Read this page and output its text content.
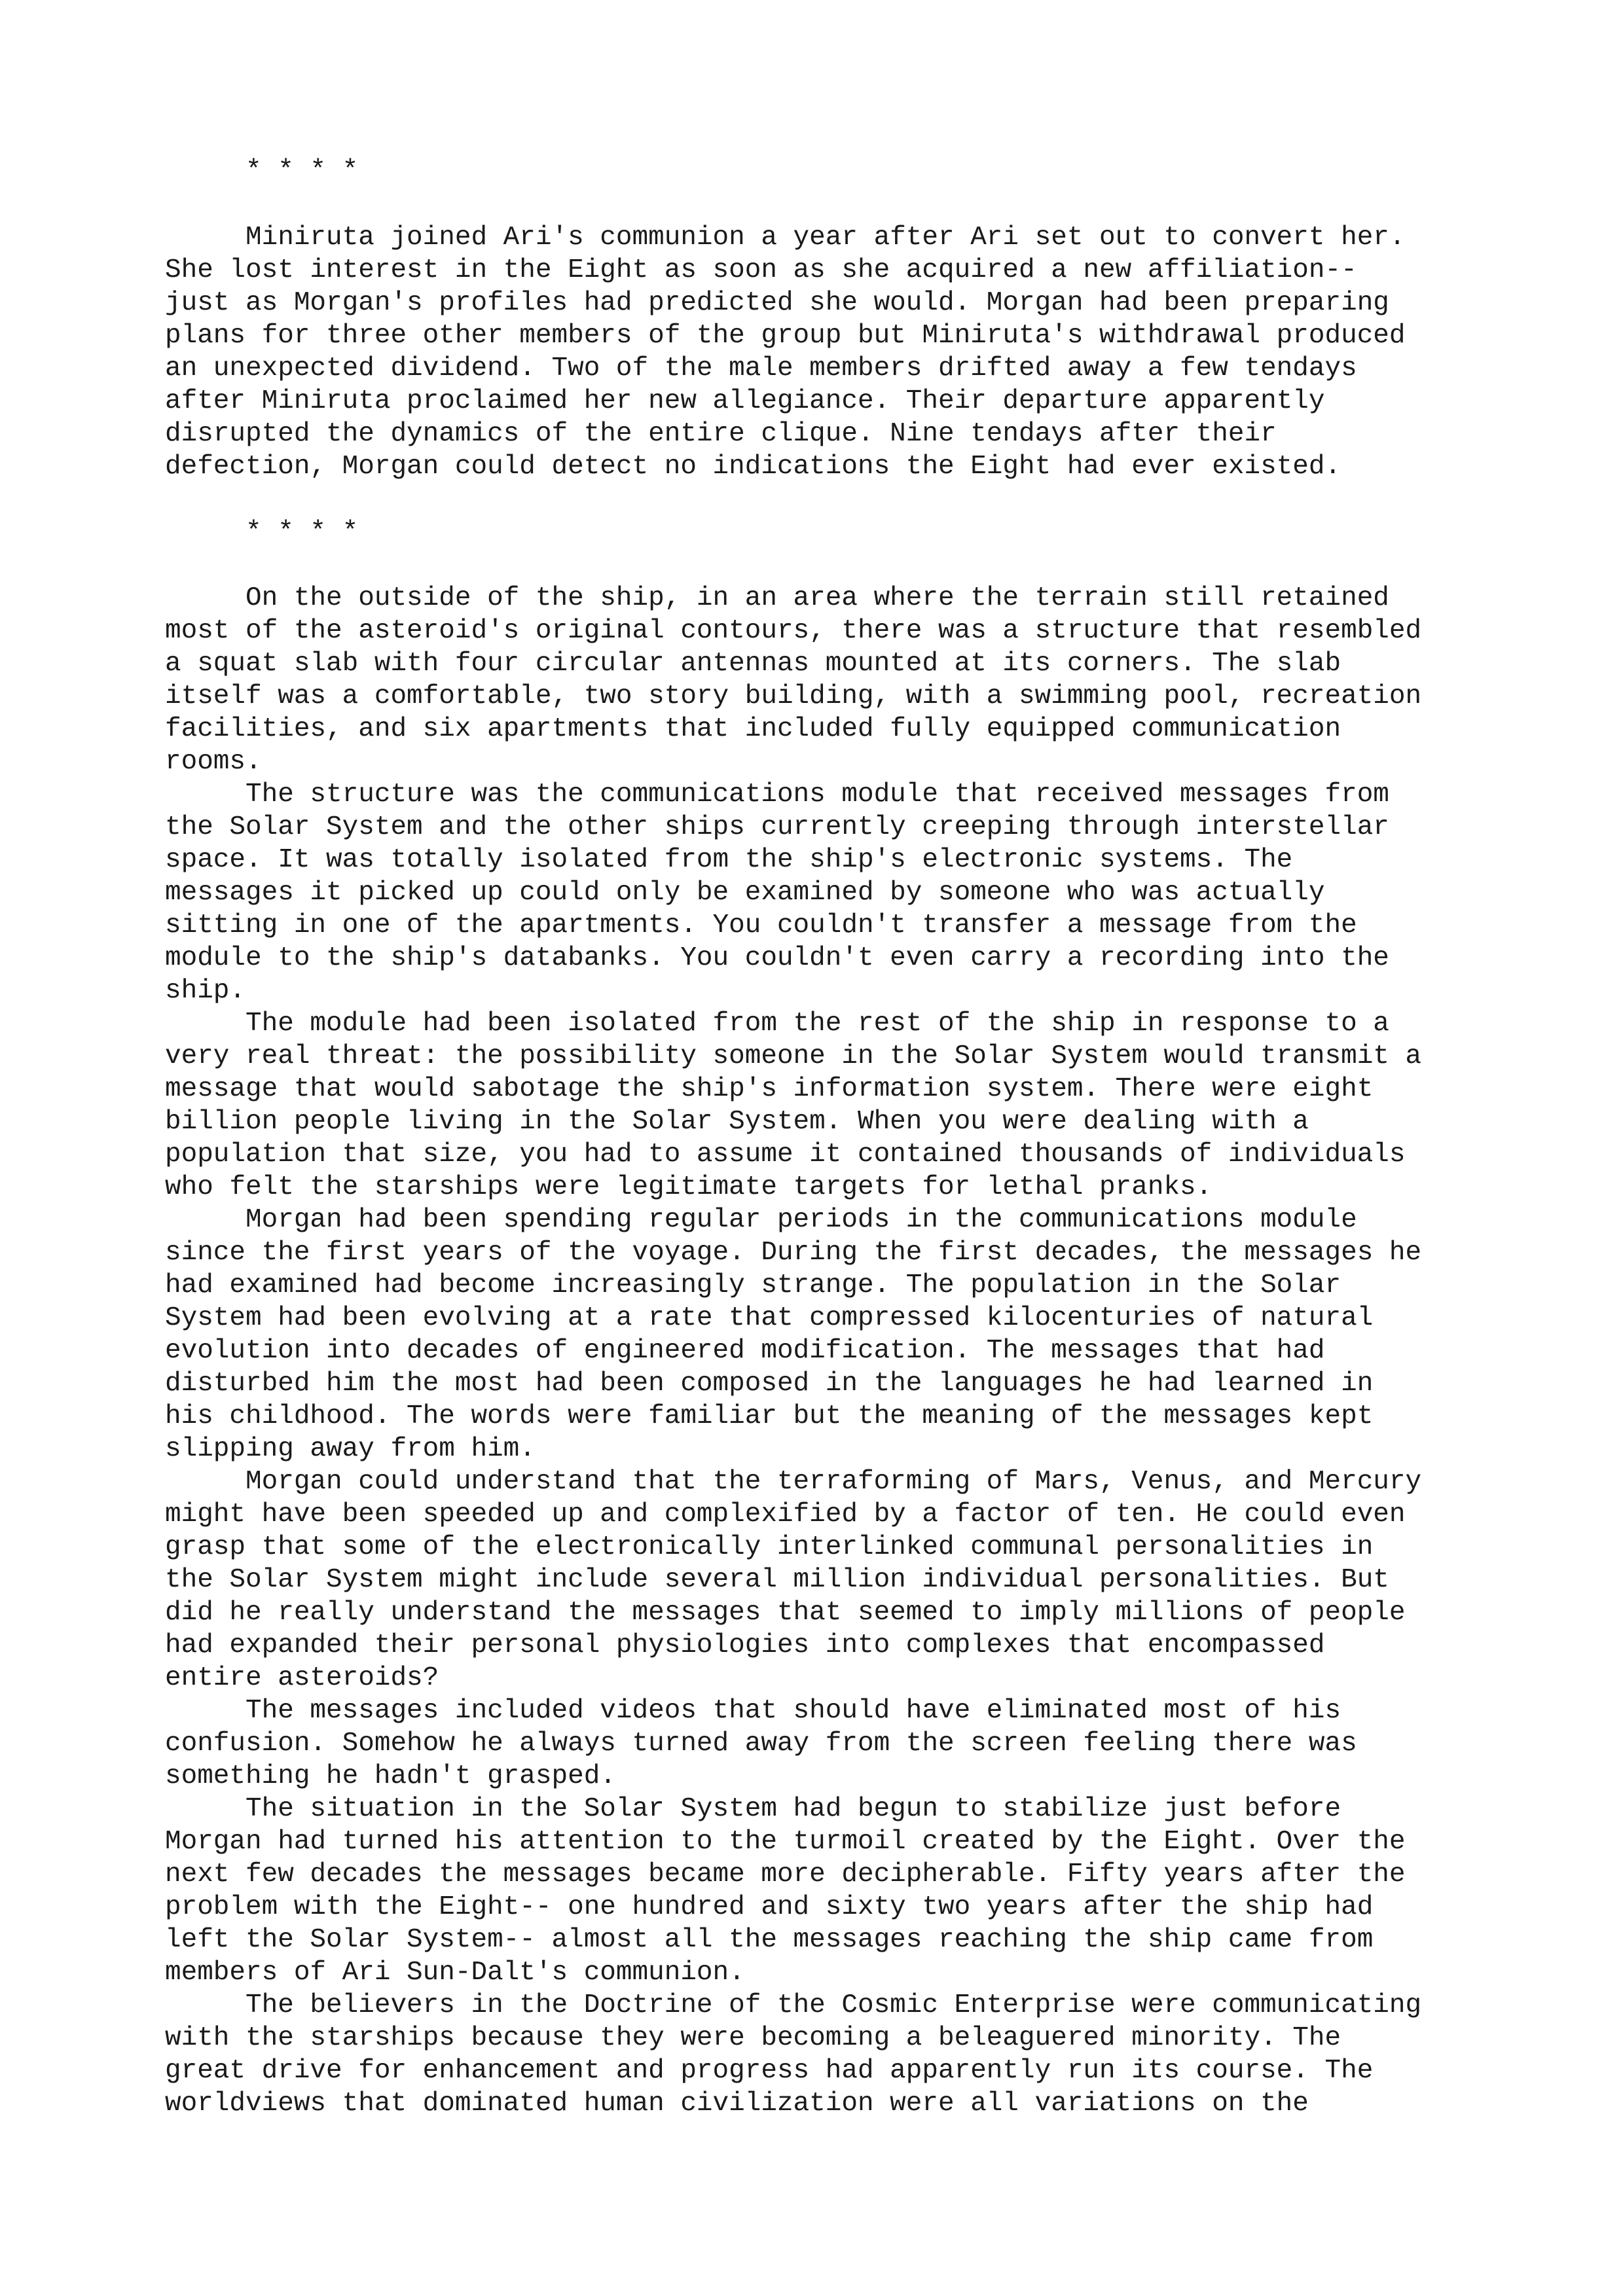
* * * *
Miniruta joined Ari's communion a year after Ari set out to convert her.
She lost interest in the Eight as soon as she acquired a new affiliation--
just as Morgan's profiles had predicted she would. Morgan had been preparing
plans for three other members of the group but Miniruta's withdrawal produced
an unexpected dividend. Two of the male members drifted away a few tendays
after Miniruta proclaimed her new allegiance. Their departure apparently
disrupted the dynamics of the entire clique. Nine tendays after their
defection, Morgan could detect no indications the Eight had ever existed.
* * * *
On the outside of the ship, in an area where the terrain still retained
most of the asteroid's original contours, there was a structure that resembled
a squat slab with four circular antennas mounted at its corners. The slab
itself was a comfortable, two story building, with a swimming pool, recreation
facilities, and six apartments that included fully equipped communication
rooms.
The structure was the communications module that received messages from
the Solar System and the other ships currently creeping through interstellar
space. It was totally isolated from the ship's electronic systems. The
messages it picked up could only be examined by someone who was actually
sitting in one of the apartments. You couldn't transfer a message from the
module to the ship's databanks. You couldn't even carry a recording into the
ship.
The module had been isolated from the rest of the ship in response to a
very real threat: the possibility someone in the Solar System would transmit a
message that would sabotage the ship's information system. There were eight
billion people living in the Solar System. When you were dealing with a
population that size, you had to assume it contained thousands of individuals
who felt the starships were legitimate targets for lethal pranks.
Morgan had been spending regular periods in the communications module
since the first years of the voyage. During the first decades, the messages he
had examined had become increasingly strange. The population in the Solar
System had been evolving at a rate that compressed kilocenturies of natural
evolution into decades of engineered modification. The messages that had
disturbed him the most had been composed in the languages he had learned in
his childhood. The words were familiar but the meaning of the messages kept
slipping away from him.
Morgan could understand that the terraforming of Mars, Venus, and Mercury
might have been speeded up and complexified by a factor of ten. He could even
grasp that some of the electronically interlinked communal personalities in
the Solar System might include several million individual personalities. But
did he really understand the messages that seemed to imply millions of people
had expanded their personal physiologies into complexes that encompassed
entire asteroids?
The messages included videos that should have eliminated most of his
confusion. Somehow he always turned away from the screen feeling there was
something he hadn't grasped.
The situation in the Solar System had begun to stabilize just before
Morgan had turned his attention to the turmoil created by the Eight. Over the
next few decades the messages became more decipherable. Fifty years after the
problem with the Eight-- one hundred and sixty two years after the ship had
left the Solar System-- almost all the messages reaching the ship came from
members of Ari Sun-Dalt's communion.
The believers in the Doctrine of the Cosmic Enterprise were communicating
with the starships because they were becoming a beleaguered minority. The
great drive for enhancement and progress had apparently run its course. The
worldviews that dominated human civilization were all variations on the
